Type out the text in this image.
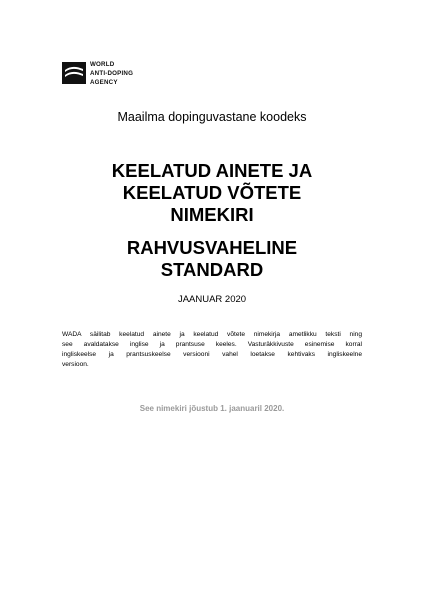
WORLD
ANTI-DOPING
AGENCY
Maailma dopinguvastane koodeks
KEELATUD AINETE JA
KEELATUD VÕTETE
NIMEKIRI
RAHVUSVAHELINE
STANDARD
JAANUAR 2020
WADA säilitab keelatud ainete ja keelatud võtete nimekirja ametlikku teksti ning
see avaldatakse inglise ja prantsuse keeles. Vasturäkkivuste esinemise korral
ingliskeelse ja prantsuskeelse versiooni vahel loetakse kehtivaks ingliskeelne
versioon.
See nimekiri jõustub 1. jaanuaril 2020.
